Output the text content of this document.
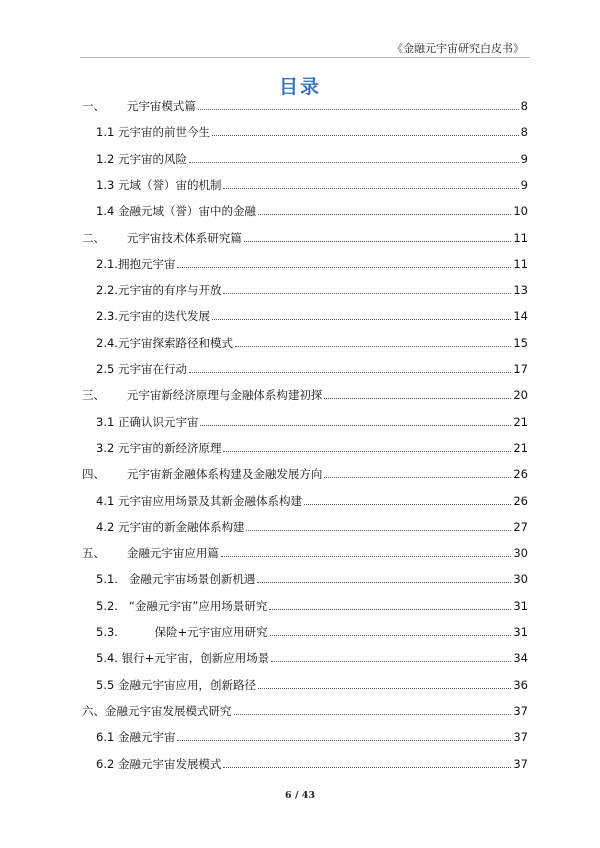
《金融元宇宙研究白皮书》
目录
一、      元宇宙模式篇	8
1.1 元宇宙的前世今生	8
1.2 元宇宙的风险	9
1.3 元域（誉）宙的机制	9
1.4 金融元域（誉）宙中的金融	10
二、      元宇宙技术体系研究篇	11
2.1.拥抱元宇宙	11
2.2.元宇宙的有序与开放	13
2.3.元宇宙的迭代发展	14
2.4.元宇宙探索路径和模式	15
2.5 元宇宙在行动	17
三、      元宇宙新经济原理与金融体系构建初探	20
3.1 正确认识元宇宙	21
3.2 元宇宙的新经济原理	21
四、      元宇宙新金融体系构建及金融发展方向	26
4.1 元宇宙应用场景及其新金融体系构建	26
4.2 元宇宙的新金融体系构建	27
五、      金融元宇宙应用篇	30
5.1.   金融元宇宙场景创新机遇	30
5.2.   “金融元宇宙”应用场景研究	31
5.3.          保险+元宇宙应用研究	31
5.4. 银行+元宇宙，创新应用场景	34
5.5 金融元宇宙应用，创新路径	36
六、金融元宇宙发展模式研究	37
6.1 金融元宇宙	37
6.2 金融元宇宙发展模式	37
6 / 43
